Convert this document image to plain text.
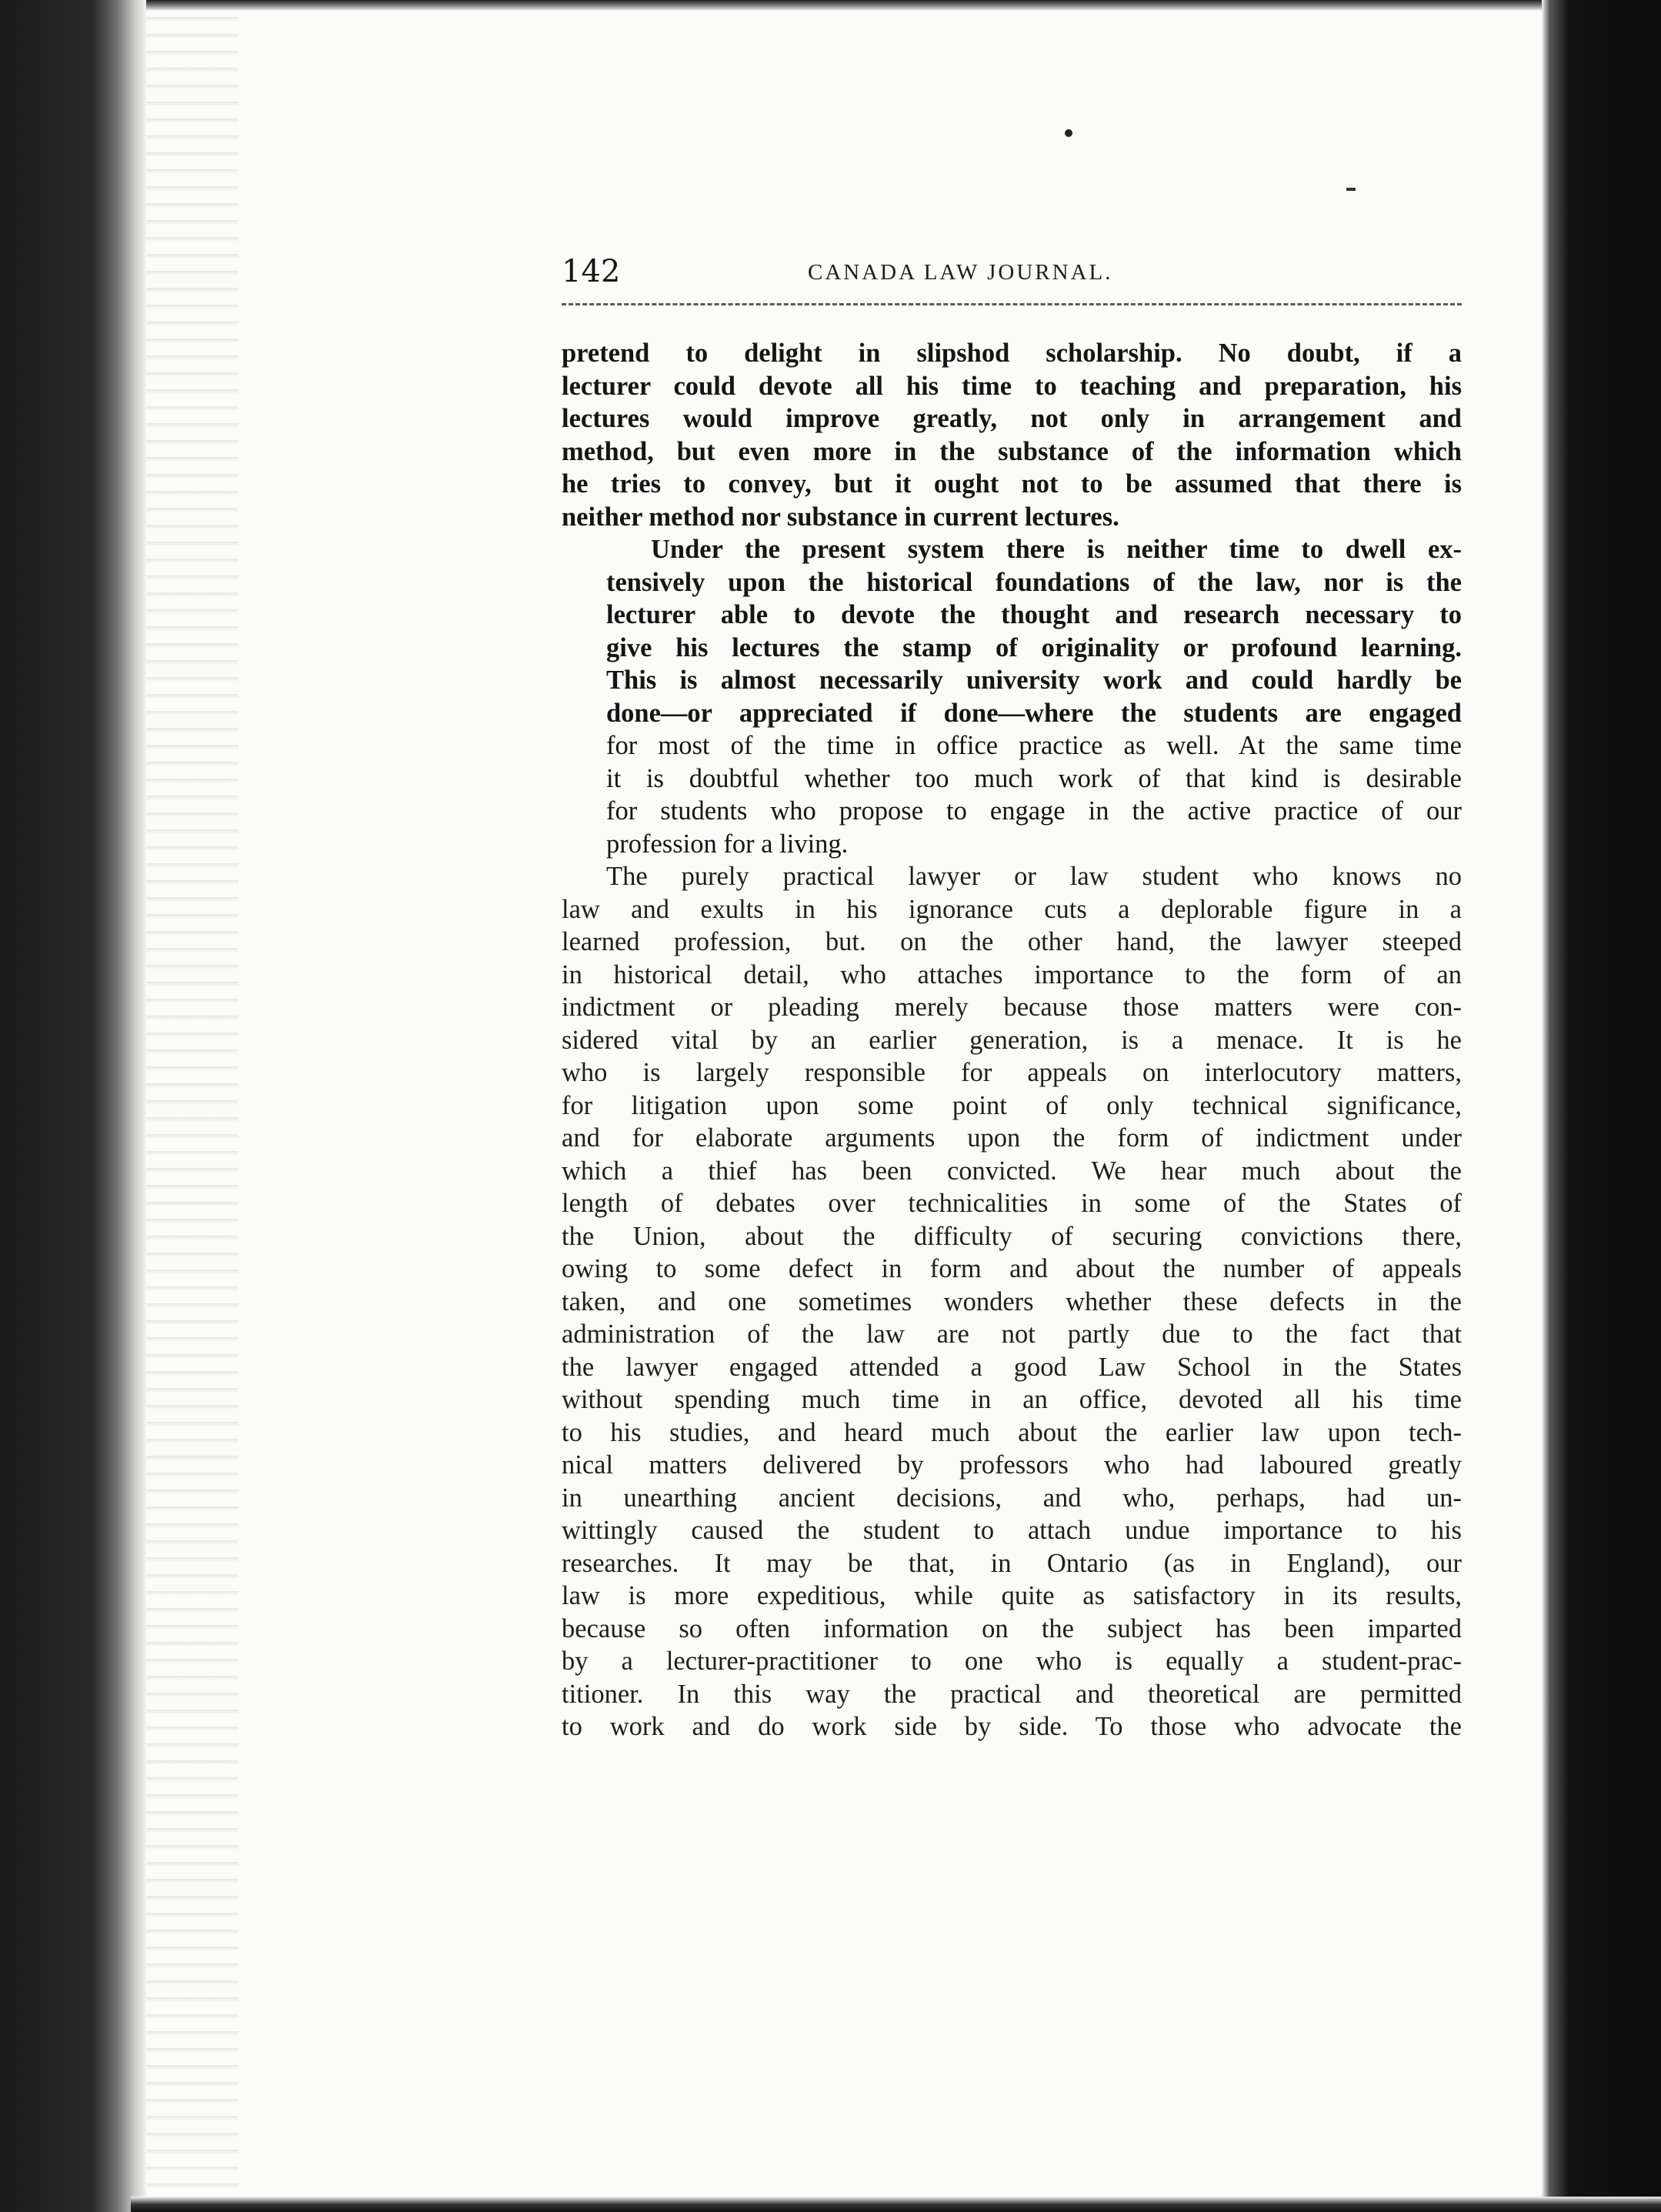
142	CANADA LAW JOURNAL.

pretend to delight in slipshod scholarship. No doubt, if a
lecturer could devote all his time to teaching and preparation, his
lectures would improve greatly, not only in arrangement and
method, but even more in the substance of the information which
he tries to convey, but it ought not to be assumed that there is
neither method nor substance in current lectures.

Under the present system there is neither time to dwell ex-
tensively upon the historical foundations of the law, nor is the
lecturer able to devote the thought and research necessary to
give his lectures the stamp of originality or profound learning.
This is almost necessarily university work and could hardly be
done—or appreciated if done—where the students are engaged
for most of the time in office practice as well. At the same time
it is doubtful whether too much work of that kind is desirable
for students who propose to engage in the active practice of our
profession for a living.

The purely practical lawyer or law student who knows no
law and exults in his ignorance cuts a deplorable figure in a
learned profession, but. on the other hand, the lawyer steeped
in historical detail, who attaches importance to the form of an
indictment or pleading merely because those matters were con-
sidered vital by an earlier generation, is a menace. It is he
who is largely responsible for appeals on interlocutory matters,
for litigation upon some point of only technical significance,
and for elaborate arguments upon the form of indictment under
which a thief has been convicted. We hear much about the
length of debates over technicalities in some of the States of
the Union, about the difficulty of securing convictions there,
owing to some defect in form and about the number of appeals
taken, and one sometimes wonders whether these defects in the
administration of the law are not partly due to the fact that
the lawyer engaged attended a good Law School in the States
without spending much time in an office, devoted all his time
to his studies, and heard much about the earlier law upon tech-
nical matters delivered by professors who had laboured greatly
in unearthing ancient decisions, and who, perhaps, had un-
wittingly caused the student to attach undue importance to his
researches. It may be that, in Ontario (as in England), our
law is more expeditious, while quite as satisfactory in its results,
because so often information on the subject has been imparted
by a lecturer-practitioner to one who is equally a student-prac-
titioner. In this way the practical and theoretical are permitted
to work and do work side by side. To those who advocate the
